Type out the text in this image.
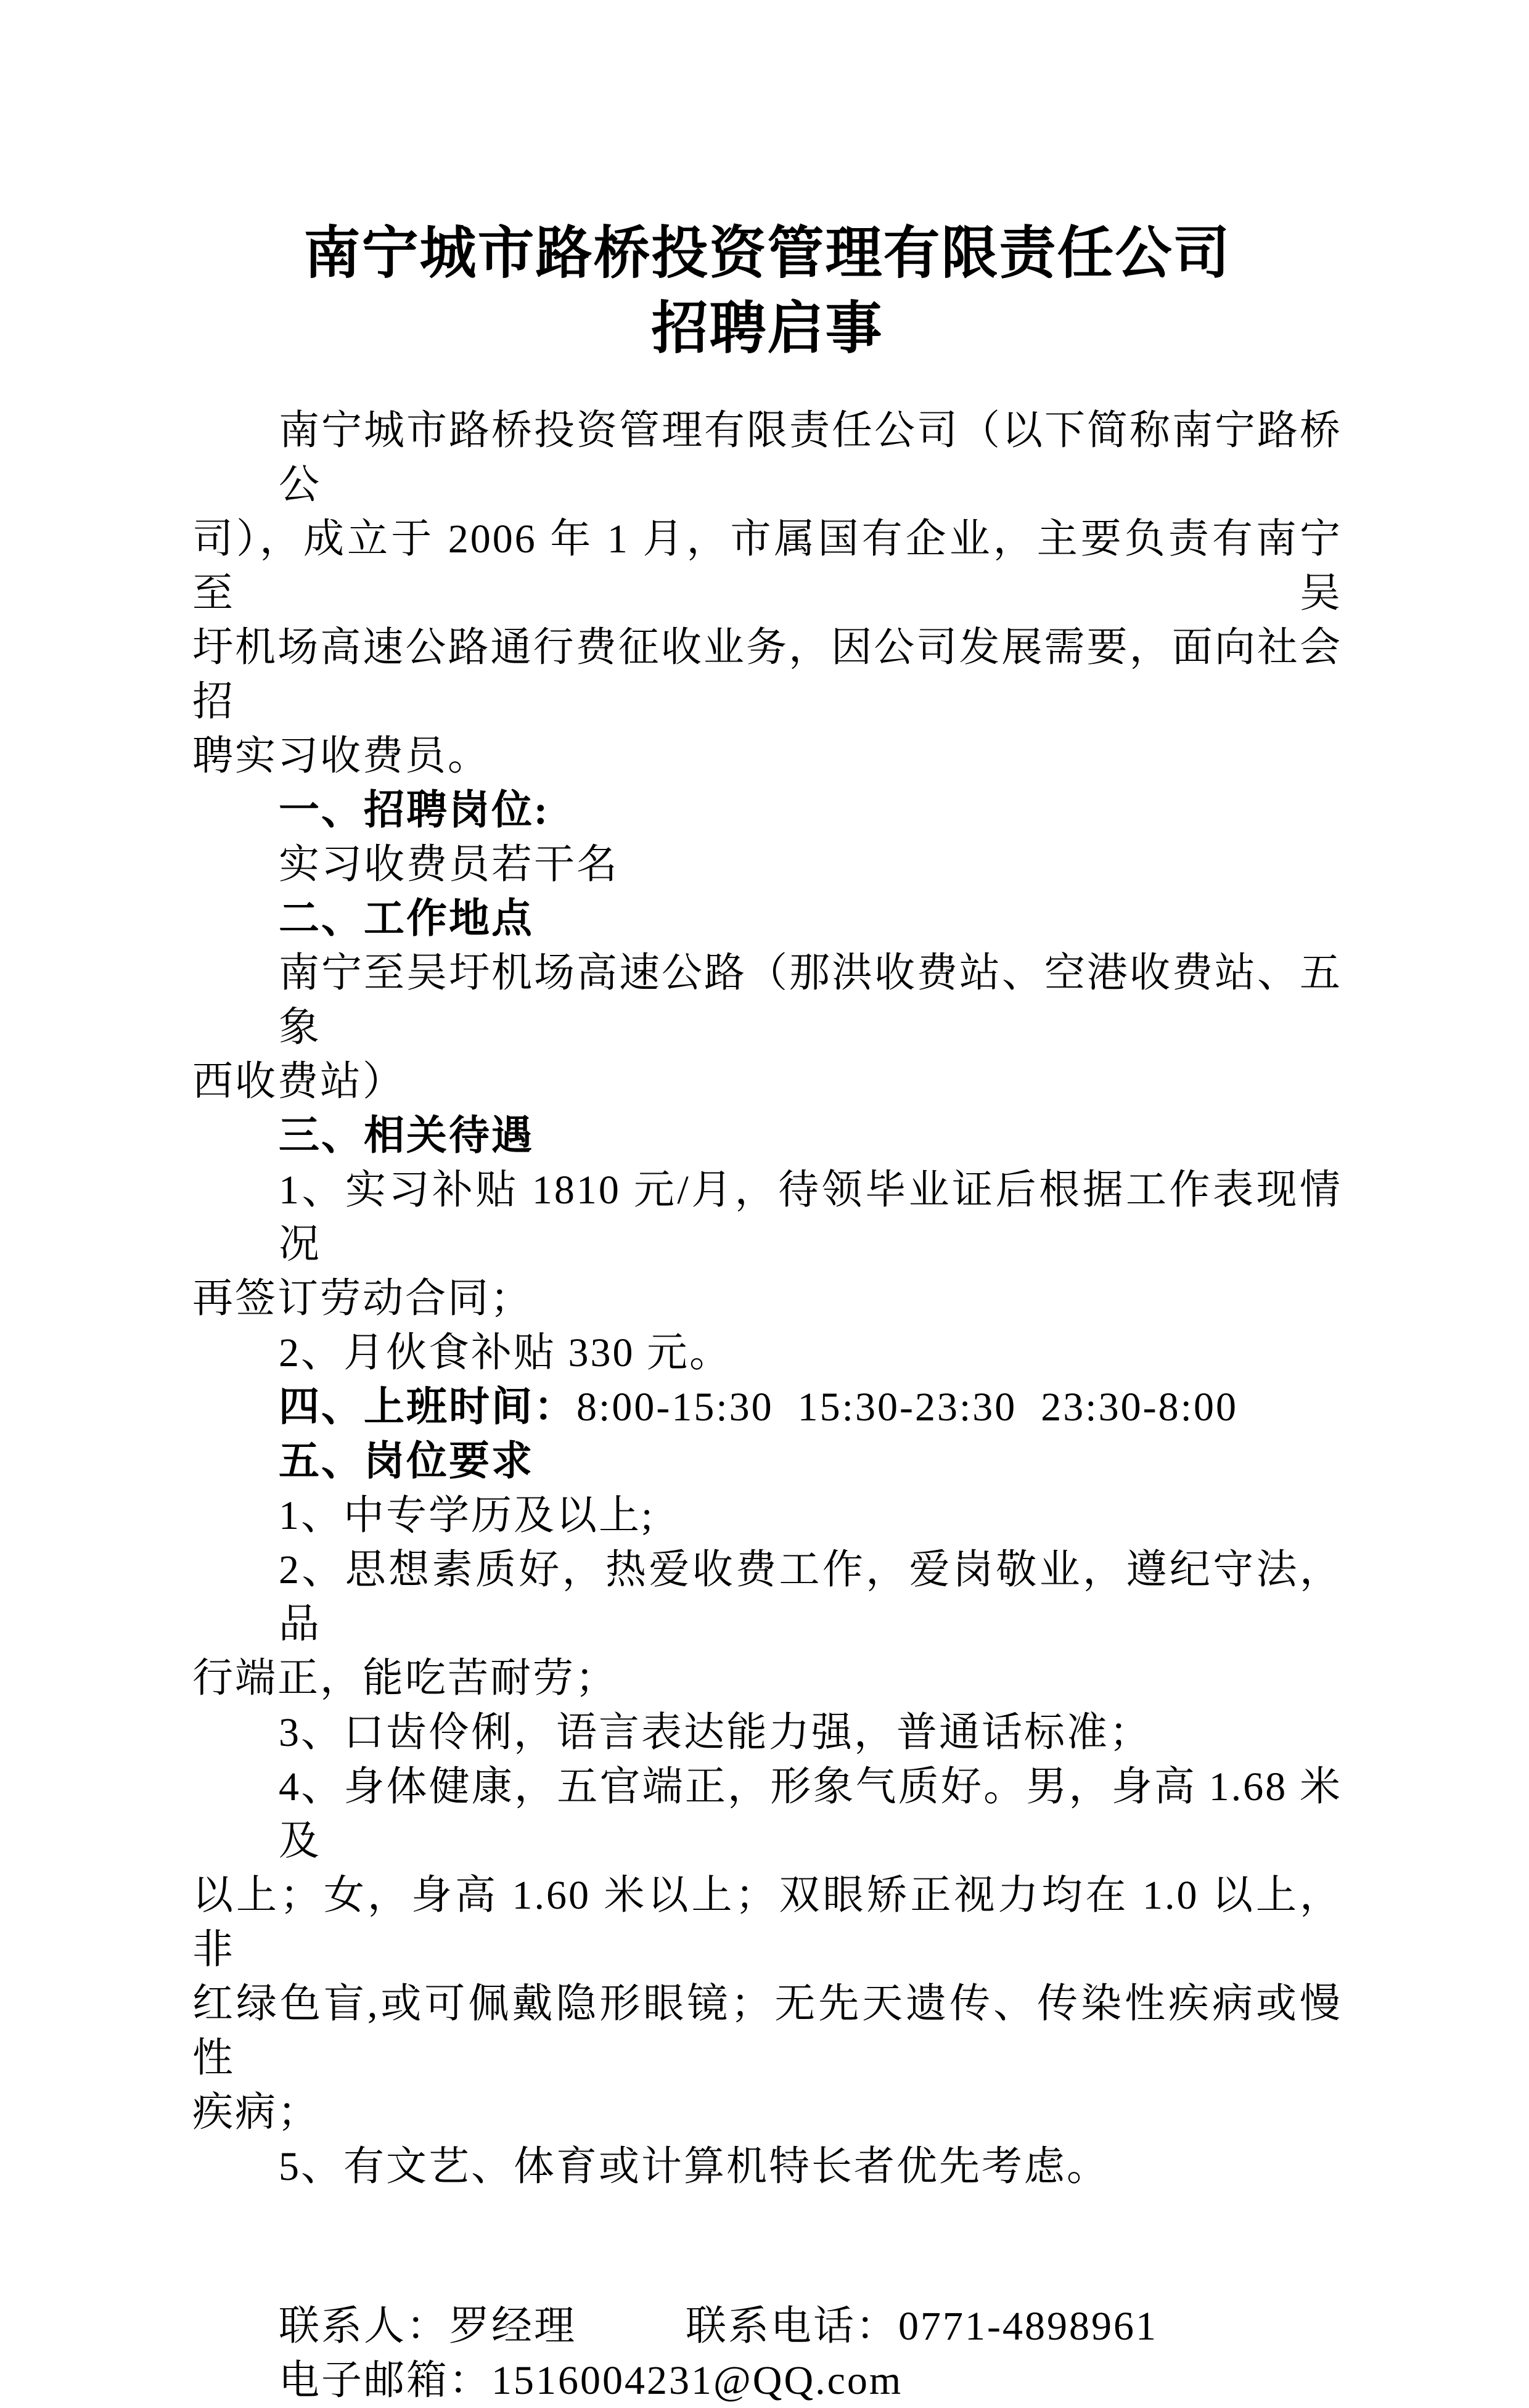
南宁城市路桥投资管理有限责任公司
招聘启事
南宁城市路桥投资管理有限责任公司（以下简称南宁路桥公
司），成立于 2006 年 1 月，市属国有企业，主要负责有南宁至吴
圩机场高速公路通行费征收业务，因公司发展需要，面向社会招
聘实习收费员。
一、招聘岗位:
实习收费员若干名
二、工作地点
南宁至吴圩机场高速公路（那洪收费站、空港收费站、五象
西收费站）
三、相关待遇
1、实习补贴 1810 元/月，待领毕业证后根据工作表现情况
再签订劳动合同；
2、月伙食补贴 330 元。
四、上班时间：8:00-15:30  15:30-23:30  23:30-8:00
五、岗位要求
1、中专学历及以上;
2、思想素质好，热爱收费工作，爱岗敬业，遵纪守法，品
行端正，能吃苦耐劳；
3、口齿伶俐，语言表达能力强，普通话标准；
4、身体健康，五官端正，形象气质好。男，身高 1.68 米及
以上；女，身高 1.60 米以上；双眼矫正视力均在 1.0 以上，非
红绿色盲,或可佩戴隐形眼镜；无先天遗传、传染性疾病或慢性
疾病；
5、有文艺、体育或计算机特长者优先考虑。
联系人：罗经理	联系电话：0771-4898961
电子邮箱：1516004231@QQ.com
